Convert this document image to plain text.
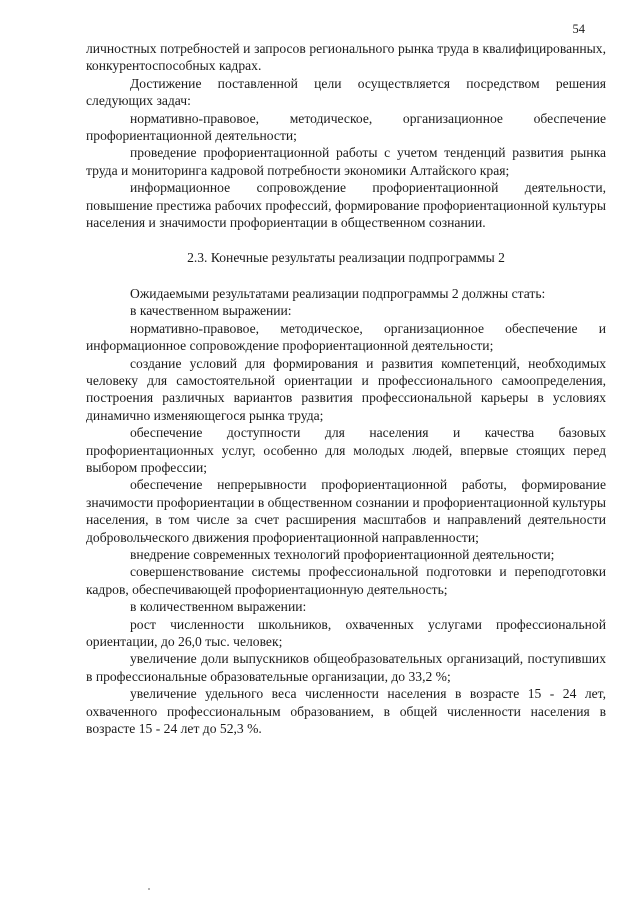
54

личностных потребностей и запросов регионального рынка труда в квалифицированных, конкурентоспособных кадрах.

Достижение поставленной цели осуществляется посредством решения следующих задач:

нормативно-правовое, методическое, организационное обеспечение профориентационной деятельности;

проведение профориентационной работы с учетом тенденций развития рынка труда и мониторинга кадровой потребности экономики Алтайского края;

информационное сопровождение профориентационной деятельности, повышение престижа рабочих профессий, формирование профориентационной культуры населения и значимости профориентации в общественном сознании.

2.3. Конечные результаты реализации подпрограммы 2

Ожидаемыми результатами реализации подпрограммы 2 должны стать:

в качественном выражении:

нормативно-правовое, методическое, организационное обеспечение и информационное сопровождение профориентационной деятельности;

создание условий для формирования и развития компетенций, необходимых человеку для самостоятельной ориентации и профессионального самоопределения, построения различных вариантов развития профессиональной карьеры в условиях динамично изменяющегося рынка труда;

обеспечение доступности для населения и качества базовых профориентационных услуг, особенно для молодых людей, впервые стоящих перед выбором профессии;

обеспечение непрерывности профориентационной работы, формирование значимости профориентации в общественном сознании и профориентационной культуры населения, в том числе за счет расширения масштабов и направлений деятельности добровольческого движения профориентационной направленности;

внедрение современных технологий профориентационной деятельности;

совершенствование системы профессиональной подготовки и переподготовки кадров, обеспечивающей профориентационную деятельность;

в количественном выражении:

рост численности школьников, охваченных услугами профессиональной ориентации, до 26,0 тыс. человек;

увеличение доли выпускников общеобразовательных организаций, поступивших в профессиональные образовательные организации, до 33,2 %;

увеличение удельного веса численности населения в возрасте 15 - 24 лет, охваченного профессиональным образованием, в общей численности населения в возрасте 15 - 24 лет до 52,3 %.
